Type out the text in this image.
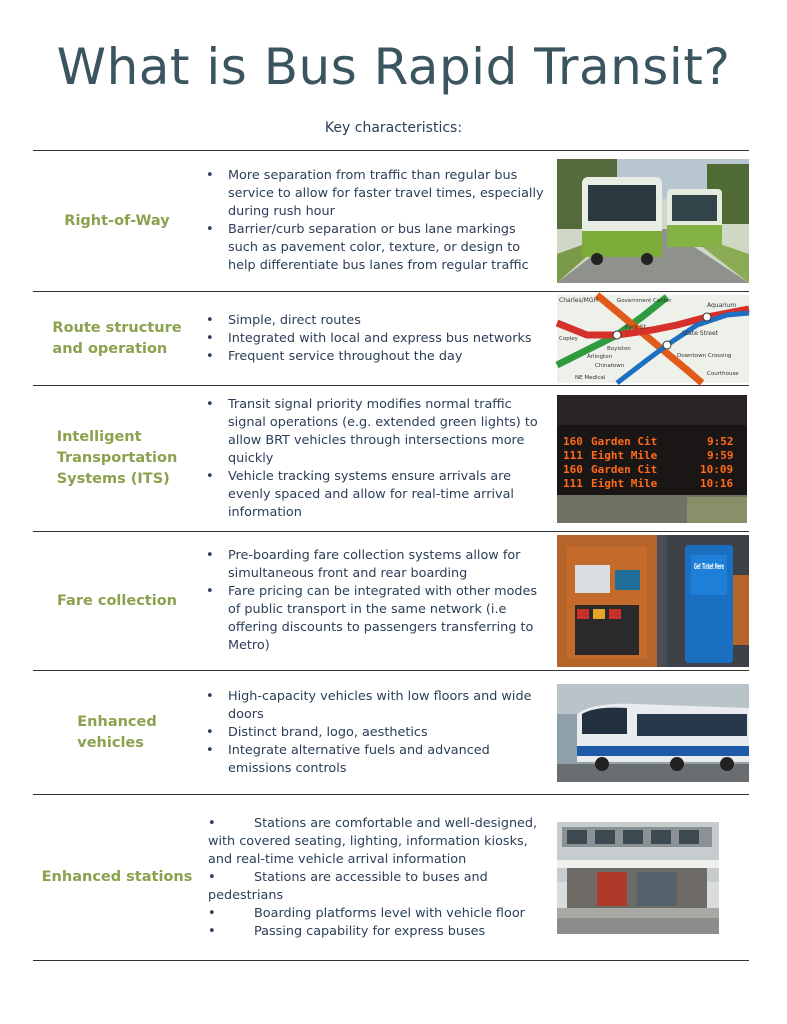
What is Bus Rapid Transit?
Key characteristics:
Right-of-Way
• More separation from traffic than regular bus service to allow for faster travel times, especially during rush hour
• Barrier/curb separation or bus lane markings such as pavement color, texture, or design to help differentiate bus lanes from regular traffic
Route structure
and operation
• Simple, direct routes
• Integrated with local and express bus networks
• Frequent service throughout the day
Charles/MGH	Government Center
Aquarium
Park St.
State Street
Boylston
Arlington
Chinatown
Downtown Crossing
NE Medical
Courthouse
Copley
Intelligent
Transportation
Systems (ITS)
• Transit signal priority modifies normal traffic signal operations (e.g. extended green lights) to allow BRT vehicles through intersections more quickly
• Vehicle tracking systems ensure arrivals are evenly spaced and allow for real-time arrival information
160 Garden Cit	9:52
111 Eight Mile	9:59
160 Garden Cit	10:09
111 Eight Mile	10:16
Fare collection
• Pre-boarding fare collection systems allow for simultaneous front and rear boarding
• Fare pricing can be integrated with other modes of public transport in the same network (i.e offering discounts to passengers transferring to Metro)
Get Ticket Here
Enhanced
vehicles
• High-capacity vehicles with low floors and wide doors
• Distinct brand, logo, aesthetics
• Integrate alternative fuels and advanced emissions controls
Enhanced stations
• Stations are comfortable and well-designed, with covered seating, lighting, information kiosks, and real-time vehicle arrival information
• Stations are accessible to buses and pedestrians
• Boarding platforms level with vehicle floor
• Passing capability for express buses
